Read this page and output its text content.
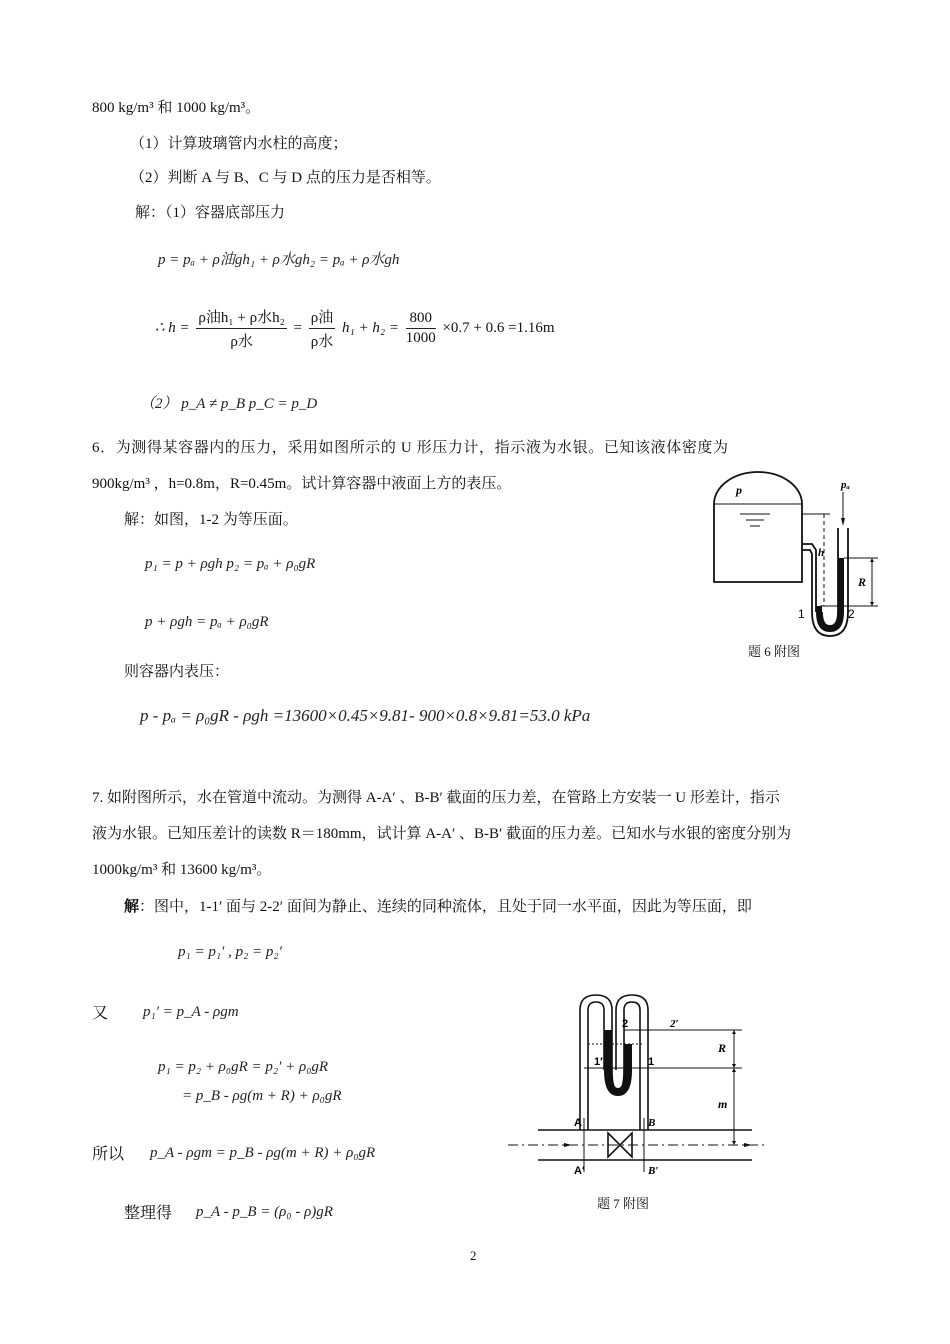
800 kg/m³ 和 1000 kg/m³。
（1）计算玻璃管内水柱的高度；
（2）判断 A 与 B、C 与 D 点的压力是否相等。
解：（1）容器底部压力
p = pₐ + ρ油gh₁ + ρ水gh₂ = pₐ + ρ水gh
∴ $h = \frac{\text{ρ油h₁ + ρ水h₂}}{\text{ρ水}} = \frac{\text{ρ油}}{\text{ρ水}} h_1 + h_2 = \frac{800}{1000} \times 0.7 + 0.6 =1.16m$
（2） p_A ≠ p_B p_C = p_D
6．为测得某容器内的压力，采用如图所示的 U 形压力计，指示液为水银。已知该液体密度为
900kg/m³ ，h=0.8m，R=0.45m。试计算容器中液面上方的表压。
解：如图，1-2 为等压面。
p₁ = p + ρgh p₂ = pₐ + ρ₀gR
p + ρgh = pₐ + ρ₀gR
则容器内表压：
p - pₐ = ρ₀gR - ρgh =13600×0.45×9.81- 900×0.8×9.81=53.0 kPa
p	pₐ
h
R
1	2
题 6 附图
7. 如附图所示，水在管道中流动。为测得 A-A′ 、B-B′ 截面的压力差，在管路上方安装一 U 形差计，指示
液为水银。已知压差计的读数 R＝180mm，试计算 A-A′ 、B-B′ 截面的压力差。已知水与水银的密度分别为
1000kg/m³ 和 13600 kg/m³。
解：图中，1-1′ 面与 2-2′ 面间为静止、连续的同种流体，且处于同一水平面，因此为等压面，即
p₁ = p₁′ , p₂ = p₂′
又 p₁′ = p_A - ρgm
p₁ = p₂ + ρ₀gR = p₂′ + ρ₀gR
= p_B - ρg(m + R) + ρ₀gR
所以 p_A - ρgm = p_B - ρg(m + R) + ρ₀gR
整理得 p_A - p_B = (ρ₀ - ρ)gR
2	2′
1′	1
R
m
A	B
A′	B′
题 7 附图
2
